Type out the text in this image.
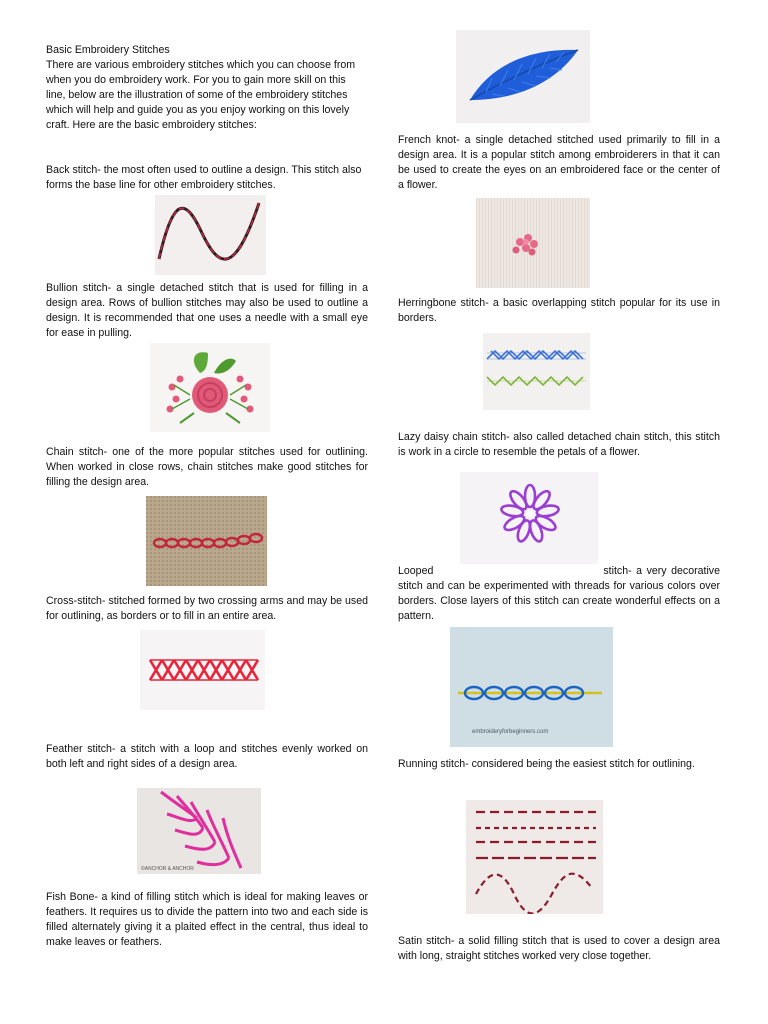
Basic Embroidery Stitches
There are various embroidery stitches which you can choose from when you do embroidery work. For you to gain more skill on this line, below are the illustration of some of the embroidery stitches which will help and guide you as you enjoy working on this lovely craft. Here are the basic embroidery stitches:
Back stitch- the most often used to outline a design. This stitch also forms the base line for other embroidery stitches.
Bullion stitch- a single detached stitch that is used for filling in a design area. Rows of bullion stitches may also be used to outline a design. It is recommended that one uses a needle with a small eye for ease in pulling.
Chain stitch- one of the more popular stitches used for outlining. When worked in close rows, chain stitches make good stitches for filling the design area.
Cross-stitch- stitched formed by two crossing arms and may be used for outlining, as borders or to fill in an entire area.
Feather stitch- a stitch with a loop and stitches evenly worked on both left and right sides of a design area.
©ANCHOR & ANCHOR
Fish Bone- a kind of filling stitch which is ideal for making leaves or feathers. It requires us to divide the pattern into two and each side is filled alternately giving it a plaited effect in the central, thus ideal to make leaves or feathers.
French knot- a single detached stitched used primarily to fill in a design area. It is a popular stitch among embroiderers in that it can be used to create the eyes on an embroidered face or the center of a flower.
Herringbone stitch- a basic overlapping stitch popular for its use in borders.
Lazy daisy chain stitch- also called detached chain stitch, this stitch is work in a circle to resemble the petals of a flower.
Looped	stitch- a very decorative stitch and can be experimented with threads for various colors over borders. Close layers of this stitch can create wonderful effects on a pattern.
embroideryforbeginners.com
Running stitch- considered being the easiest stitch for outlining.
Satin stitch- a solid filling stitch that is used to cover a design area with long, straight stitches worked very close together.
